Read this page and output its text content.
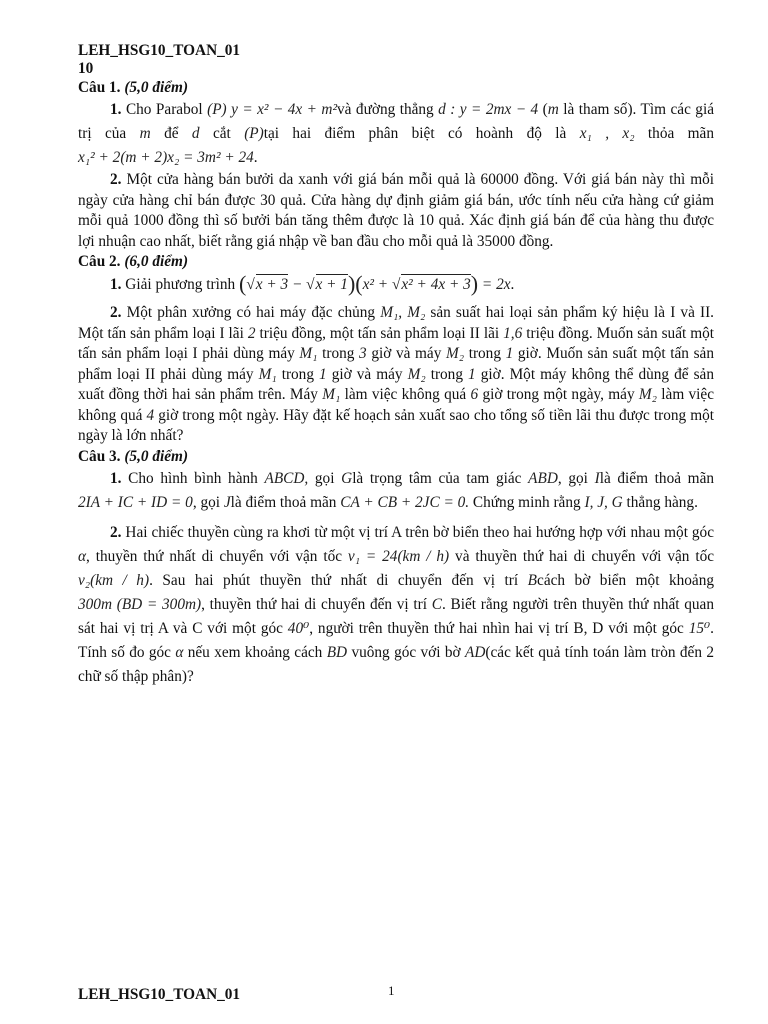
LEH_HSG10_TOAN_01
10
Câu 1. (5,0 điểm)

1. Cho Parabol (P) y = x² − 4x + m²và đường thẳng d : y = 2mx − 4 (m là tham số). Tìm các giá trị của m để d cắt (P)tại hai điểm phân biệt có hoành độ là x₁ , x₂ thỏa mãn x₁² + 2(m + 2)x₂ = 3m² + 24.

2. Một cửa hàng bán bưởi da xanh với giá bán mỗi quả là 60000 đồng. Với giá bán này thì mỗi ngày cửa hàng chỉ bán được 30 quả. Cửa hàng dự định giảm giá bán, ước tính nếu cửa hàng cứ giảm mỗi quả 1000 đồng thì số bưởi bán tăng thêm được là 10 quả. Xác định giá bán để của hàng thu được lợi nhuận cao nhất, biết rằng giá nhập về ban đầu cho mỗi quả là 35000 đồng.

Câu 2. (6,0 điểm)

1. Giải phương trình (√x + 3 − √x + 1)(x² + √x² + 4x + 3) = 2x.

2. Một phân xưởng có hai máy đặc chủng M₁, M₂ sản suất hai loại sản phẩm ký hiệu là I và II. Một tấn sản phẩm loại I lãi 2 triệu đồng, một tấn sản phẩm loại II lãi 1,6 triệu đồng. Muốn sản suất một tấn sản phẩm loại I phải dùng máy M₁ trong 3 giờ và máy M₂ trong 1 giờ. Muốn sản suất một tấn sản phẩm loại II phải dùng máy M₁ trong 1 giờ và máy M₂ trong 1 giờ. Một máy không thể dùng để sản xuất đồng thời hai sản phẩm trên. Máy M₁ làm việc không quá 6 giờ trong một ngày, máy M₂ làm việc không quá 4 giờ trong một ngày. Hãy đặt kế hoạch sản xuất sao cho tổng số tiền lãi thu được trong một ngày là lớn nhất?

Câu 3. (5,0 điểm)

1. Cho hình bình hành ABCD, gọi Glà trọng tâm của tam giác ABD, gọi Ilà điểm thoả mãn 2IA + IC + ID = 0, gọi Jlà điểm thoả mãn CA + CB + 2JC = 0. Chứng minh rằng I, J, G thẳng hàng.

2. Hai chiếc thuyền cùng ra khơi từ một vị trí A trên bờ biển theo hai hướng hợp với nhau một góc α, thuyền thứ nhất di chuyển với vận tốc v₁ = 24(km / h) và thuyền thứ hai di chuyển với vận tốc v₂(km / h). Sau hai phút thuyền thứ nhất di chuyển đến vị trí Bcách bờ biển một khoảng 300m (BD = 300m), thuyền thứ hai di chuyển đến vị trí C. Biết rằng người trên thuyền thứ nhất quan sát hai vị trị A và C với một góc 40⁰, người trên thuyền thứ hai nhìn hai vị trí B, D với một góc 15⁰. Tính số đo góc α nếu xem khoảng cách BD vuông góc với bờ AD(các kết quả tính toán làm tròn đến 2 chữ số thập phân)?

LEH_HSG10_TOAN_01	1
